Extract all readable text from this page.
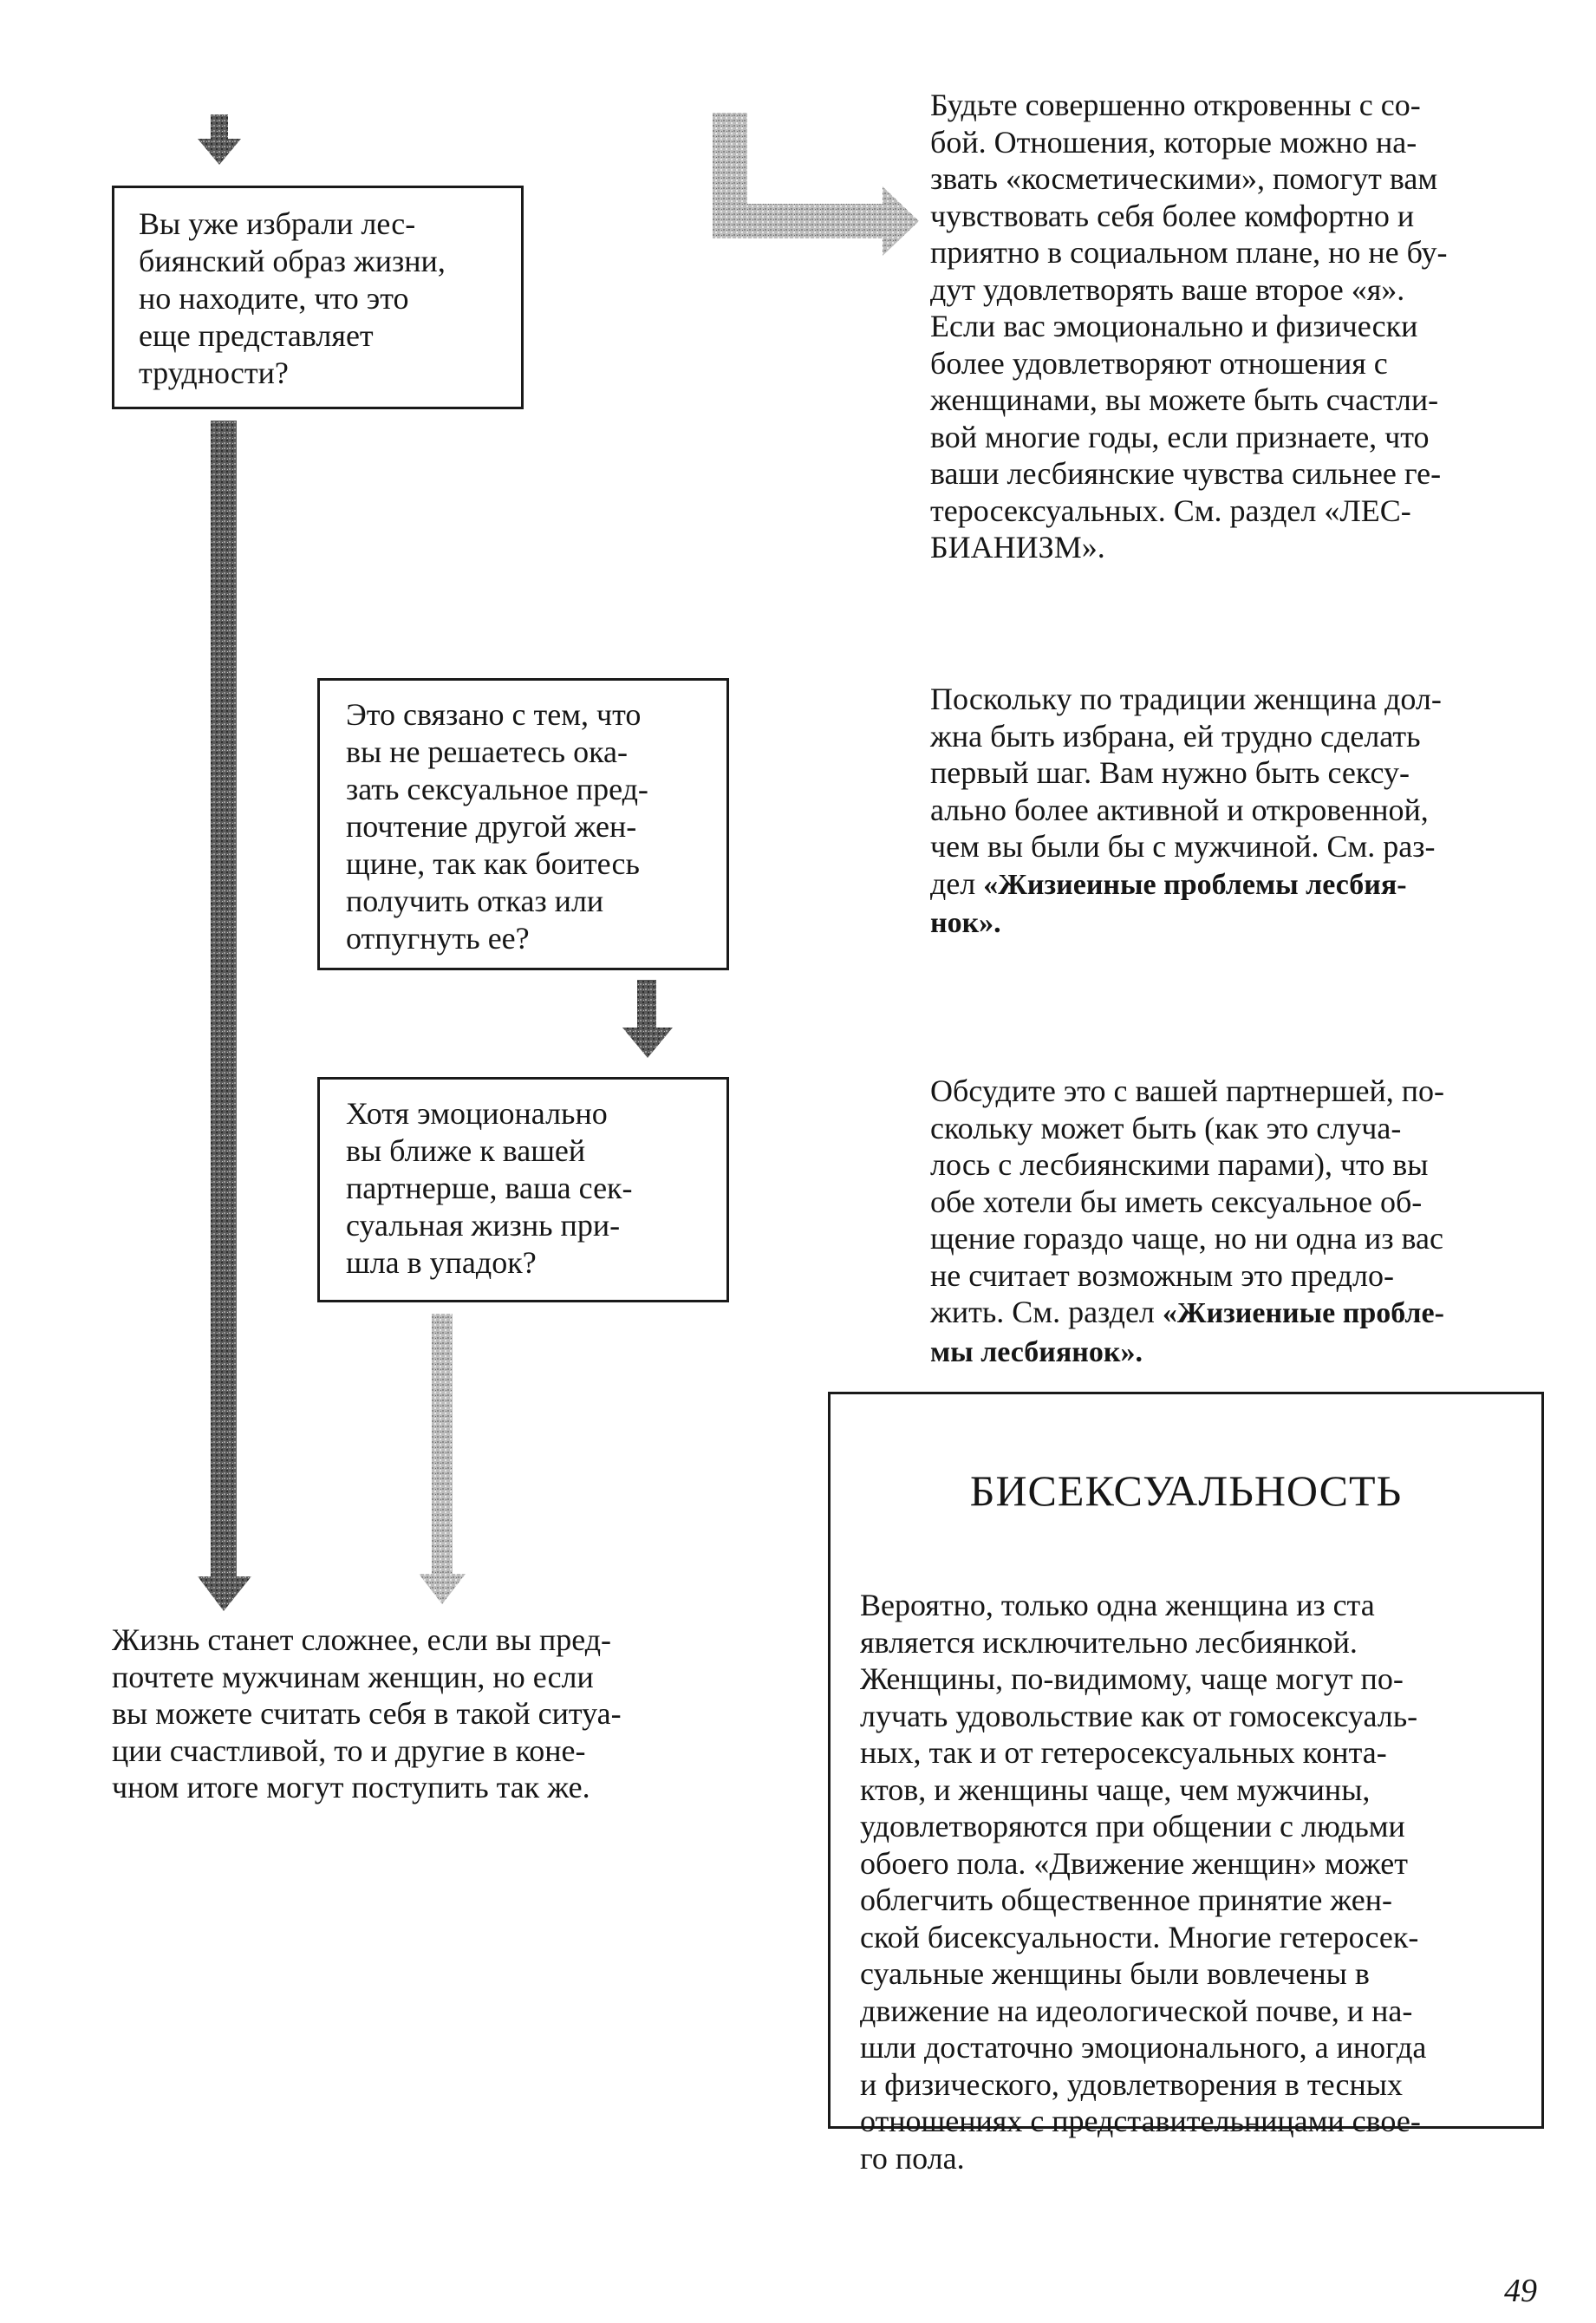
Вы уже избрали лес-
биянский образ жизни,
но находите, что это
еще представляет
трудности?
Это связано с тем, что
вы не решаетесь ока-
зать сексуальное пред-
почтение другой жен-
щине, так как боитесь
получить отказ или
отпугнуть ее?
Хотя эмоционально
вы ближе к вашей
партнерше, ваша сек-
суальная жизнь при-
шла в упадок?
Будьте совершенно откровенны с со-
бой. Отношения, которые можно на-
звать «косметическими», помогут вам
чувствовать себя более комфортно и
приятно в социальном плане, но не бу-
дут удовлетворять ваше второе «я».
Если вас эмоционально и физически
более удовлетворяют отношения с
женщинами, вы можете быть счастли-
вой многие годы, если признаете, что
ваши лесбиянские чувства сильнее ге-
теросексуальных. См. раздел «ЛЕС-
БИАНИЗМ».
Поскольку по традиции женщина дол-
жна быть избрана, ей трудно сделать
первый шаг. Вам нужно быть сексу-
ально более активной и откровенной,
чем вы были бы с мужчиной. См. раз-
дел «Жизиеиные проблемы лесбия-
нок».
Обсудите это с вашей партнершей, по-
скольку может быть (как это случа-
лось с лесбиянскими парами), что вы
обе хотели бы иметь сексуальное об-
щение гораздо чаще, но ни одна из вас
не считает возможным это предло-
жить. См. раздел «Жизиениые пробле-
мы лесбиянок».
Жизнь станет сложнее, если вы пред-
почтете мужчинам женщин, но если
вы можете считать себя в такой ситуа-
ции счастливой, то и другие в коне-
чном итоге могут поступить так же.

БИСЕКСУАЛЬНОСТЬ

Вероятно, только одна женщина из ста
является исключительно лесбиянкой.
Женщины, по-видимому, чаще могут по-
лучать удовольствие как от гомосексуаль-
ных, так и от гетеросексуальных конта-
ктов, и женщины чаще, чем мужчины,
удовлетворяются при общении с людьми
обоего пола. «Движение женщин» может
облегчить общественное принятие жен-
ской бисексуальности. Многие гетеросек-
суальные женщины были вовлечены в
движение на идеологической почве, и на-
шли достаточно эмоционального, а иногда
и физического, удовлетворения в тесных
отношениях с представительницами свое-
го пола.

49
